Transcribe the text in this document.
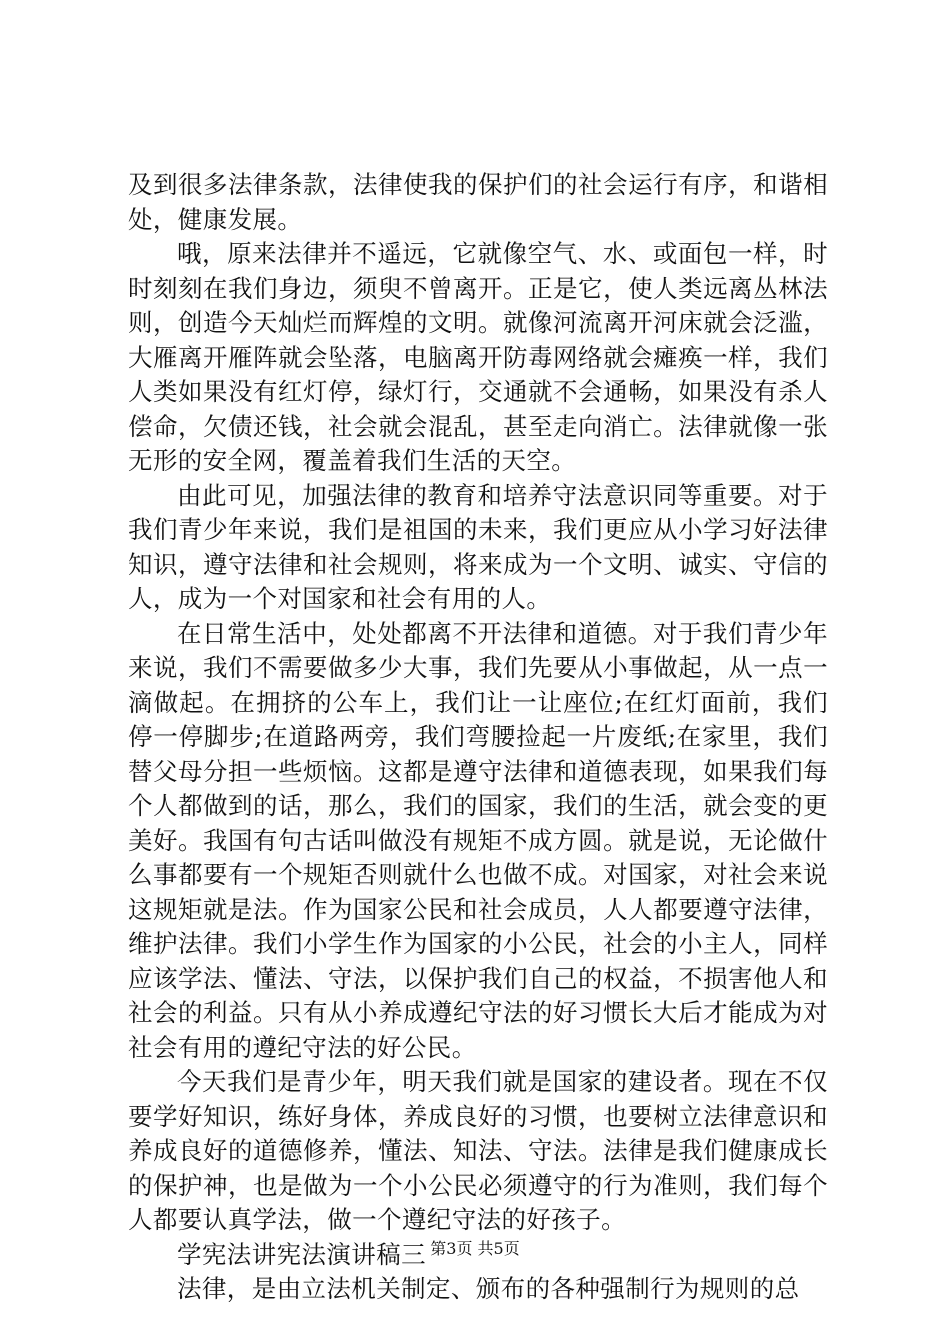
及到很多法律条款，法律使我的保护们的社会运行有序，和谐相处，健康发展。

哦，原来法律并不遥远，它就像空气、水、或面包一样，时时刻刻在我们身边，须臾不曾离开。正是它，使人类远离丛林法则，创造今天灿烂而辉煌的文明。就像河流离开河床就会泛滥，大雁离开雁阵就会坠落，电脑离开防毒网络就会瘫痪一样，我们人类如果没有红灯停，绿灯行，交通就不会通畅，如果没有杀人偿命，欠债还钱，社会就会混乱，甚至走向消亡。法律就像一张无形的安全网，覆盖着我们生活的天空。

由此可见，加强法律的教育和培养守法意识同等重要。对于我们青少年来说，我们是祖国的未来，我们更应从小学习好法律知识，遵守法律和社会规则，将来成为一个文明、诚实、守信的人，成为一个对国家和社会有用的人。

在日常生活中，处处都离不开法律和道德。对于我们青少年来说，我们不需要做多少大事，我们先要从小事做起，从一点一滴做起。在拥挤的公车上，我们让一让座位;在红灯面前，我们停一停脚步;在道路两旁，我们弯腰捡起一片废纸;在家里，我们替父母分担一些烦恼。这都是遵守法律和道德表现，如果我们每个人都做到的话，那么，我们的国家，我们的生活，就会变的更美好。我国有句古话叫做没有规矩不成方圆。就是说，无论做什么事都要有一个规矩否则就什么也做不成。对国家，对社会来说这规矩就是法。作为国家公民和社会成员，人人都要遵守法律，维护法律。我们小学生作为国家的小公民，社会的小主人，同样应该学法、懂法、守法，以保护我们自己的权益，不损害他人和社会的利益。只有从小养成遵纪守法的好习惯长大后才能成为对社会有用的遵纪守法的好公民。

今天我们是青少年，明天我们就是国家的建设者。现在不仅要学好知识，练好身体，养成良好的习惯，也要树立法律意识和养成良好的道德修养，懂法、知法、守法。法律是我们健康成长的保护神，也是做为一个小公民必须遵守的行为准则，我们每个人都要认真学法，做一个遵纪守法的好孩子。

学宪法讲宪法演讲稿三

法律，是由立法机关制定、颁布的各种强制行为规则的总

第3页 共5页
